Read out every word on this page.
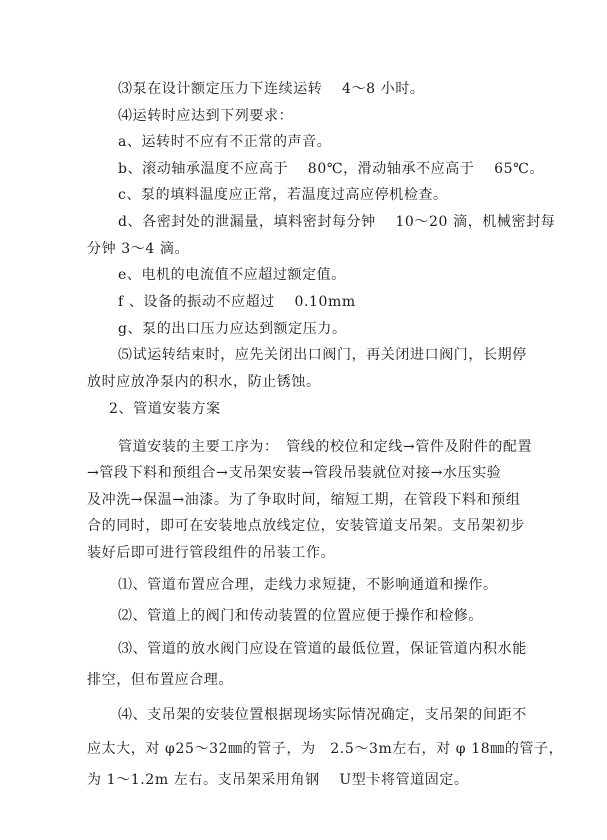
⑶泵在设计额定压力下连续运转　 4～8 小时。
⑷运转时应达到下列要求：
a、运转时不应有不正常的声音。
b、滚动轴承温度不应高于　 80℃，滑动轴承不应高于　 65℃。
c、泵的填料温度应正常，若温度过高应停机检查。
d、各密封处的泄漏量，填料密封每分钟　 10～20 滴，机械密封每
分钟 3～4 滴。
e、电机的电流值不应超过额定值。
f 、设备的振动不应超过　 0.10mm
g、泵的出口压力应达到额定压力。
⑸试运转结束时，应先关闭出口阀门，再关闭进口阀门，长期停
放时应放净泵内的积水，防止锈蚀。
2、管道安装方案
管道安装的主要工序为：　管线的校位和定线→管件及附件的配置
→管段下料和预组合→支吊架安装→管段吊装就位对接→水压实验
及冲洗→保温→油漆。为了争取时间，缩短工期，在管段下料和预组
合的同时，即可在安装地点放线定位，安装管道支吊架。支吊架初步
装好后即可进行管段组件的吊装工作。
⑴、管道布置应合理，走线力求短捷，不影响通道和操作。
⑵、管道上的阀门和传动装置的位置应便于操作和检修。
⑶、管道的放水阀门应设在管道的最低位置，保证管道内积水能
排空，但布置应合理。
⑷、支吊架的安装位置根据现场实际情况确定，支吊架的间距不
应太大，对 φ25～32㎜的管子，为　2.5～3m左右，对 φ 18㎜的管子，
为 1～1.2m 左右。支吊架采用角钢　 U型卡将管道固定。
